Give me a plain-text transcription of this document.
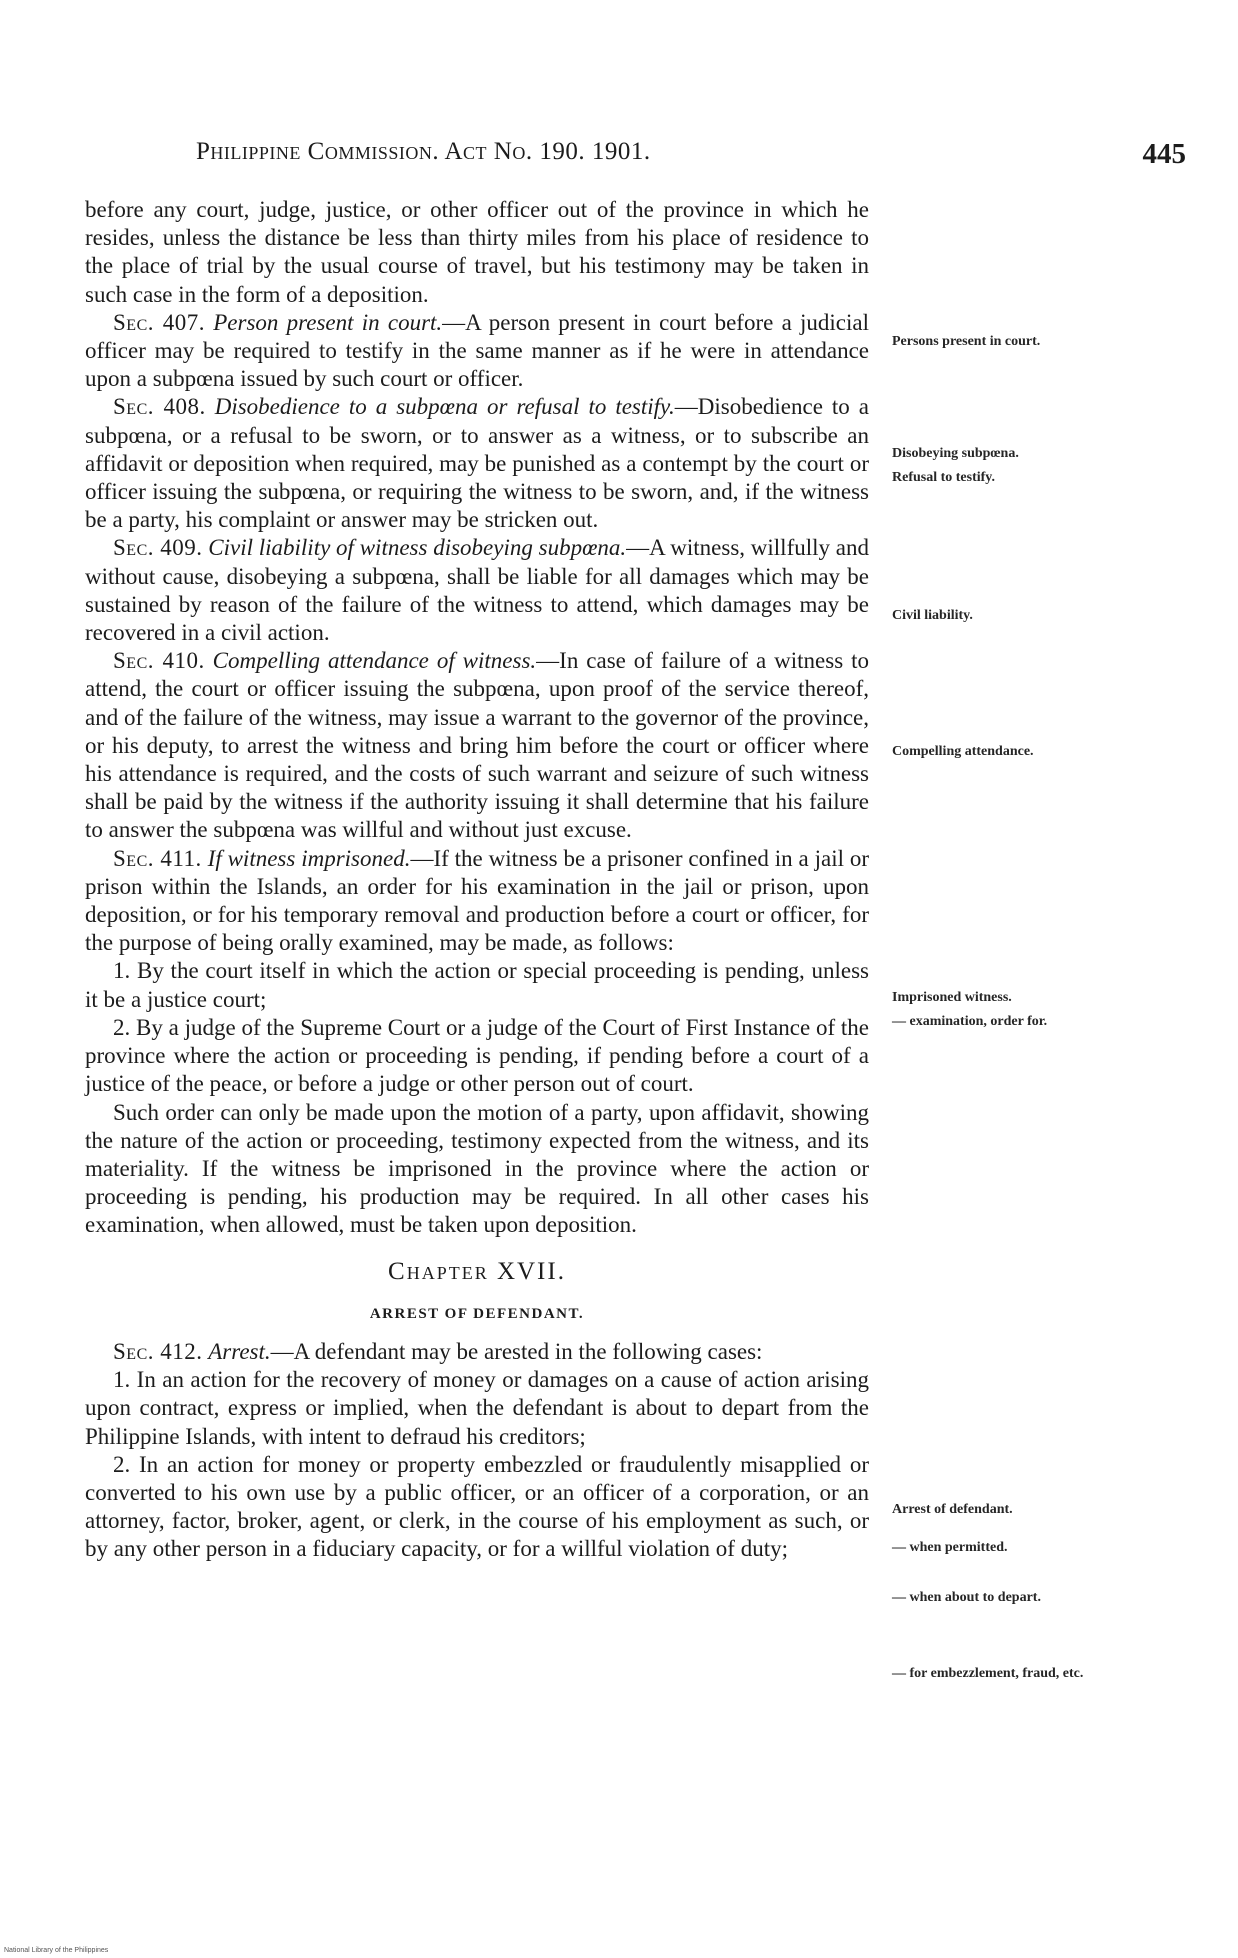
Philippine Commission. Act No. 190. 1901.	445

before any court, judge, justice, or other officer out of the province in which he resides, unless the distance be less than thirty miles from his place of residence to the place of trial by the usual course of travel, but his testimony may be taken in such case in the form of a deposition.

Sec. 407. Person present in court.—A person present in court before a judicial officer may be required to testify in the same manner as if he were in attendance upon a subpœna issued by such court or officer.

Sec. 408. Disobedience to a subpœna or refusal to testify.—Disobedience to a subpœna, or a refusal to be sworn, or to answer as a witness, or to subscribe an affidavit or deposition when required, may be punished as a contempt by the court or officer issuing the subpœna, or requiring the witness to be sworn, and, if the witness be a party, his complaint or answer may be stricken out.

Sec. 409. Civil liability of witness disobeying subpœna.—A witness, willfully and without cause, disobeying a subpœna, shall be liable for all damages which may be sustained by reason of the failure of the witness to attend, which damages may be recovered in a civil action.

Sec. 410. Compelling attendance of witness.—In case of failure of a witness to attend, the court or officer issuing the subpœna, upon proof of the service thereof, and of the failure of the witness, may issue a warrant to the governor of the province, or his deputy, to arrest the witness and bring him before the court or officer where his attendance is required, and the costs of such warrant and seizure of such witness shall be paid by the witness if the authority issuing it shall determine that his failure to answer the subpœna was willful and without just excuse.

Sec. 411. If witness imprisoned.—If the witness be a prisoner confined in a jail or prison within the Islands, an order for his examination in the jail or prison, upon deposition, or for his temporary removal and production before a court or officer, for the purpose of being orally examined, may be made, as follows:

1. By the court itself in which the action or special proceeding is pending, unless it be a justice court;

2. By a judge of the Supreme Court or a judge of the Court of First Instance of the province where the action or proceeding is pending, if pending before a court of a justice of the peace, or before a judge or other person out of court.

Such order can only be made upon the motion of a party, upon affidavit, showing the nature of the action or proceeding, testimony expected from the witness, and its materiality. If the witness be imprisoned in the province where the action or proceeding is pending, his production may be required. In all other cases his examination, when allowed, must be taken upon deposition.

Chapter XVII.
ARREST OF DEFENDANT.

Sec. 412. Arrest.—A defendant may be arested in the following cases:

1. In an action for the recovery of money or damages on a cause of action arising upon contract, express or implied, when the defendant is about to depart from the Philippine Islands, with intent to defraud his creditors;

2. In an action for money or property embezzled or fraudulently misapplied or converted to his own use by a public officer, or an officer of a corporation, or an attorney, factor, broker, agent, or clerk, in the course of his employment as such, or by any other person in a fiduciary capacity, or for a willful violation of duty;

Persons present in court.
Disobeying subpœna.
Refusal to testify.
Civil liability.
Compelling attendance.
Imprisoned witness.
— examination, order for.
Arrest of defendant.
— when permitted.
— when about to depart.
— for embezzlement, fraud, etc.
National Library of the Philippines
